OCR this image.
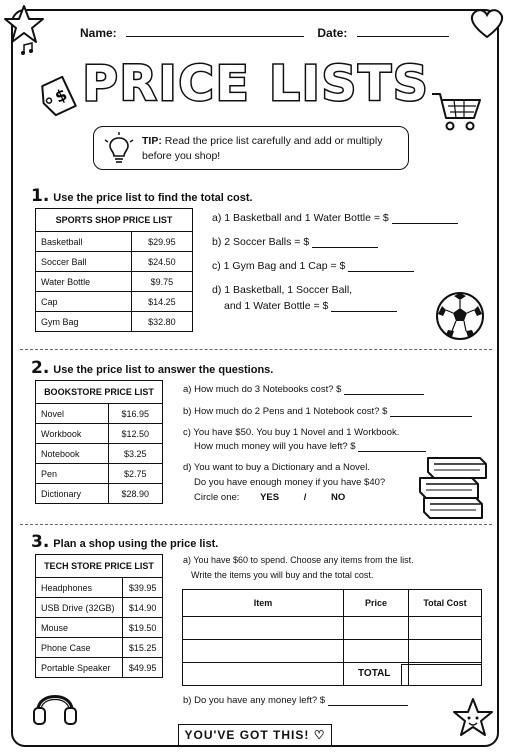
Name:	Date:
PRICE LISTS
$
TIP: Read the price list carefully and add or multiply before you shop!
1. Use the price list to find the total cost.
SPORTS SHOP PRICE LIST	
Basketball	$29.95
Soccer Ball	$24.50
Water Bottle	$9.75
Cap	$14.25
Gym Bag	$32.80
a) 1 Basketball and 1 Water Bottle = $
b) 2 Soccer Balls = $
c) 1 Gym Bag and 1 Cap = $
d) 1 Basketball, 1 Soccer Ball,
and 1 Water Bottle = $
2. Use the price list to answer the questions.
BOOKSTORE PRICE LIST	
Novel	$16.95
Workbook	$12.50
Notebook	$3.25
Pen	$2.75
Dictionary	$28.90
a) How much do 3 Notebooks cost? $
b) How much do 2 Pens and 1 Notebook cost? $
c) You have $50. You buy 1 Novel and 1 Workbook.
How much money will you have left? $
d) You want to buy a Dictionary and a Novel.
Do you have enough money if you have $40?
Circle one: YES	/	NO
3. Plan a shop using the price list.
TECH STORE PRICE LIST	
Headphones	$39.95
USB Drive (32GB)	$14.90
Mouse	$19.50
Phone Case	$15.25
Portable Speaker	$49.95
a) You have $60 to spend. Choose any items from the list.
Write the items you will buy and the total cost.
Item	Price	Total Cost

TOTAL
b) Do you have any money left? $
YOU'VE GOT THIS! ♡
